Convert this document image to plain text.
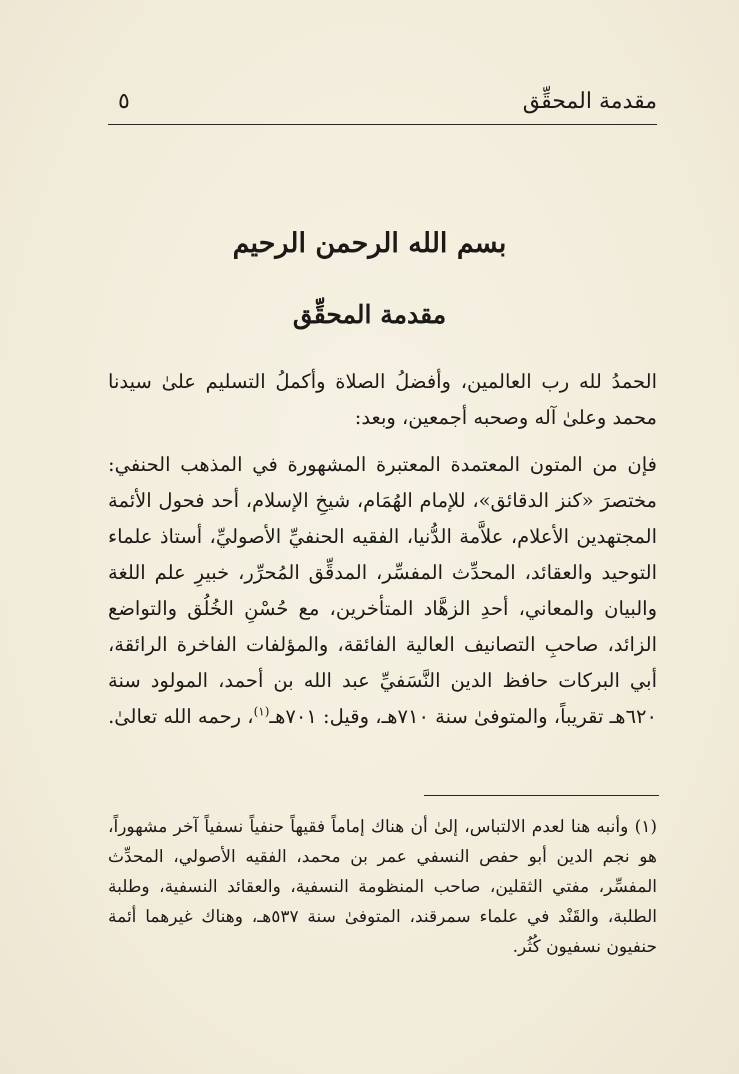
مقدمة المحقِّق
٥
بسم الله الرحمن الرحيم
مقدمة المحقِّق

الحمدُ لله رب العالمين، وأفضلُ الصلاة وأكملُ التسليم علىٰ سيدنا محمد وعلىٰ آله وصحبه أجمعين، وبعد:

فإن من المتون المعتمدة المعتبرة المشهورة في المذهب الحنفي: مختصرَ «كنز الدقائق»، للإمام الهُمَام، شيخِ الإسلام، أحد فحول الأئمة المجتهدين الأعلام، علاَّمة الدُّنيا، الفقيه الحنفيِّ الأصوليِّ، أستاذ علماء التوحيد والعقائد، المحدِّث المفسِّر، المدقِّق المُحرِّر، خبيرِ علم اللغة والبيان والمعاني، أحدِ الزهَّاد المتأخرين، مع حُسْنِ الخُلُق والتواضع الزائد، صاحبِ التصانيف العالية الفائقة، والمؤلفات الفاخرة الرائقة، أبي البركات حافظ الدين النَّسَفيِّ عبد الله بن أحمد، المولود سنة ٦٢٠هـ تقريباً، والمتوفىٰ سنة ٧١٠هـ، وقيل: ٧٠١هـ$^{(١)}$، رحمه الله تعالىٰ.

(١) وأنبه هنا لعدم الالتباس، إلىٰ أن هناك إماماً فقيهاً حنفياً نسفياً آخر مشهوراً، هو نجم الدين أبو حفص النسفي عمر بن محمد، الفقيه الأصولي، المحدِّث المفسِّر، مفتي الثقلين، صاحب المنظومة النسفية، والعقائد النسفية، وطلبة الطلبة، والقَنْد في علماء سمرقند، المتوفىٰ سنة ٥٣٧هـ، وهناك غيرهما أئمة حنفيون نسفيون كُثُر.
